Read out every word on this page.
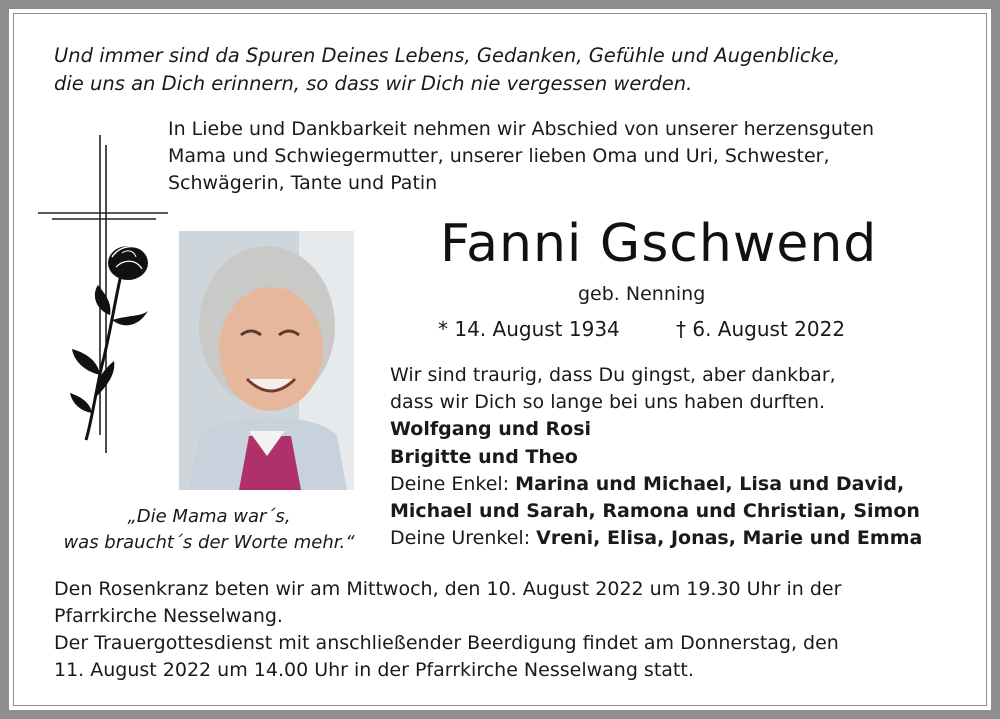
Und immer sind da Spuren Deines Lebens, Gedanken, Gefühle und Augenblicke,
die uns an Dich erinnern, so dass wir Dich nie vergessen werden.
In Liebe und Dankbarkeit nehmen wir Abschied von unserer herzensguten
Mama und Schwiegermutter, unserer lieben Oma und Uri, Schwester,
Schwägerin, Tante und Patin
Fanni Gschwend
geb. Nenning
* 14. August 1934	† 6. August 2022
Wir sind traurig, dass Du gingst, aber dankbar,
dass wir Dich so lange bei uns haben durften.
Wolfgang und Rosi
Brigitte und Theo
Deine Enkel: Marina und Michael, Lisa und David,
Michael und Sarah, Ramona und Christian, Simon
Deine Urenkel: Vreni, Elisa, Jonas, Marie und Emma
„Die Mama war´s,
was braucht´s der Worte mehr.“
Den Rosenkranz beten wir am Mittwoch, den 10. August 2022 um 19.30 Uhr in der
Pfarrkirche Nesselwang.
Der Trauergottesdienst mit anschließender Beerdigung findet am Donnerstag, den
11. August 2022 um 14.00 Uhr in der Pfarrkirche Nesselwang statt.
